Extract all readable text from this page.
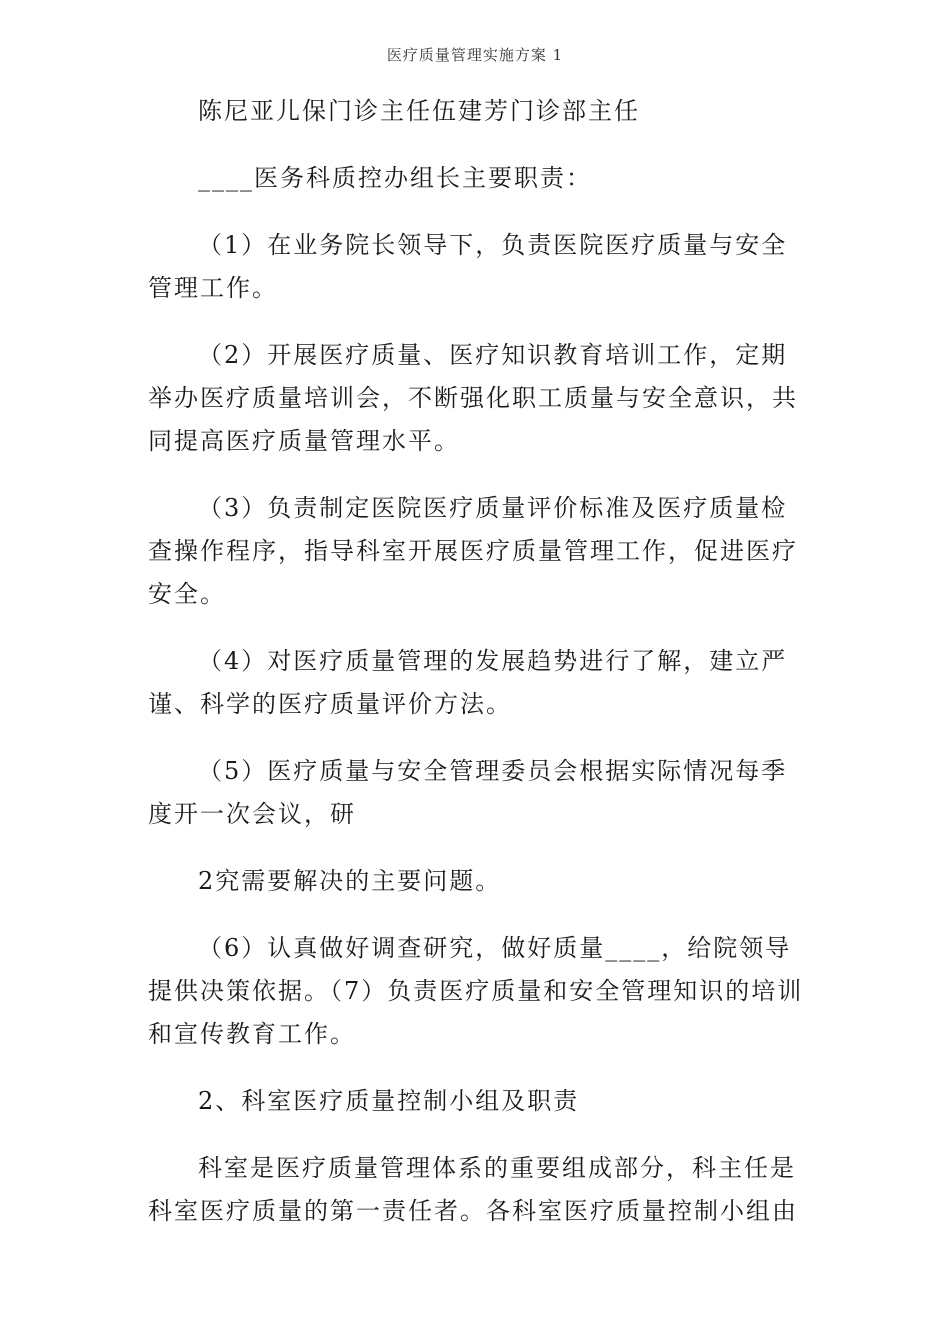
医疗质量管理实施方案 1

陈尼亚儿保门诊主任伍建芳门诊部主任

____医务科质控办组长主要职责：

（1）在业务院长领导下，负责医院医疗质量与安全管理工作。

（2）开展医疗质量、医疗知识教育培训工作，定期举办医疗质量培训会，不断强化职工质量与安全意识，共同提高医疗质量管理水平。

（3）负责制定医院医疗质量评价标准及医疗质量检查操作程序，指导科室开展医疗质量管理工作，促进医疗安全。

（4）对医疗质量管理的发展趋势进行了解，建立严谨、科学的医疗质量评价方法。

（5）医疗质量与安全管理委员会根据实际情况每季度开一次会议，研

2究需要解决的主要问题。

（6）认真做好调查研究，做好质量____，给院领导提供决策依据。（7）负责医疗质量和安全管理知识的培训和宣传教育工作。

2、科室医疗质量控制小组及职责

科室是医疗质量管理体系的重要组成部分，科主任是科室医疗质量的第一责任者。各科室医疗质量控制小组由
